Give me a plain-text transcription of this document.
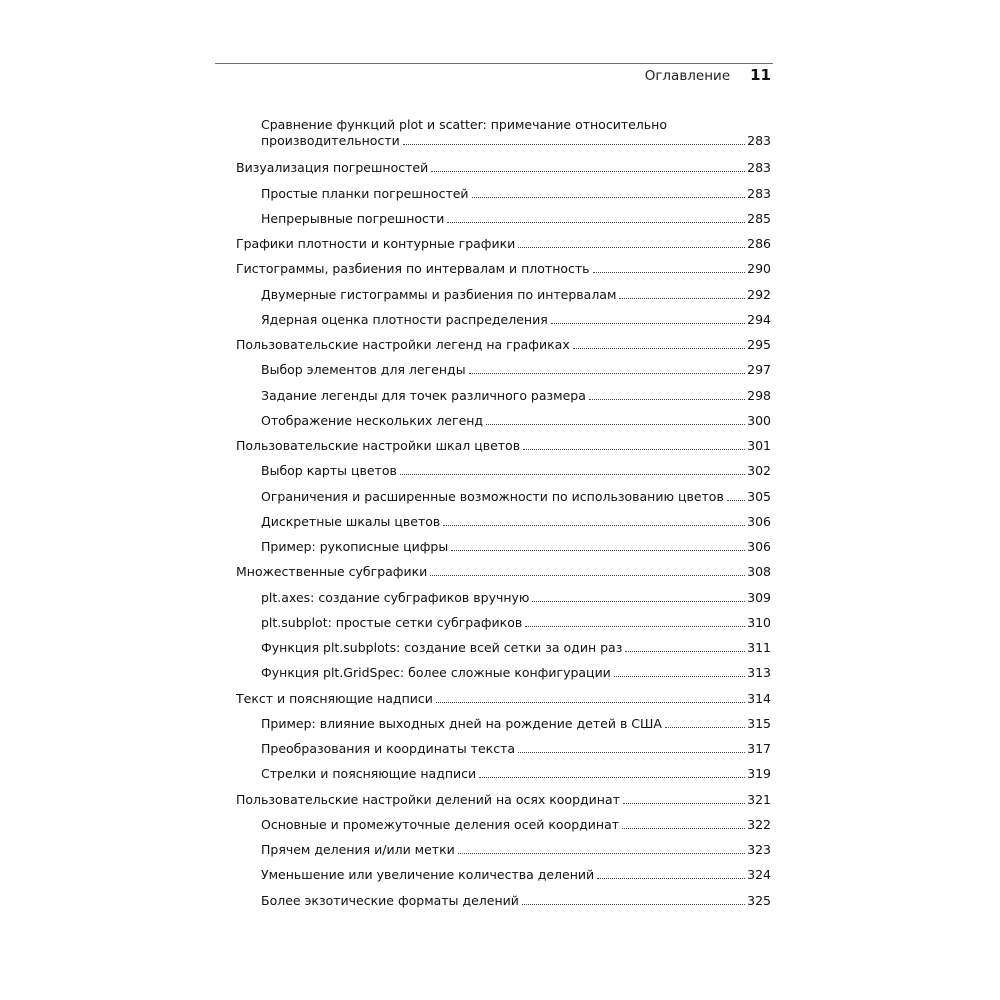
Оглавление 11
Сравнение функций plot и scatter: примечание относительно
производительности	283
Визуализация погрешностей	283
Простые планки погрешностей	283
Непрерывные погрешности	285
Графики плотности и контурные графики	286
Гистограммы, разбиения по интервалам и плотность	290
Двумерные гистограммы и разбиения по интервалам	292
Ядерная оценка плотности распределения	294
Пользовательские настройки легенд на графиках	295
Выбор элементов для легенды	297
Задание легенды для точек различного размера	298
Отображение нескольких легенд	300
Пользовательские настройки шкал цветов	301
Выбор карты цветов	302
Ограничения и расширенные возможности по использованию цветов 305
Дискретные шкалы цветов	306
Пример: рукописные цифры	306
Множественные субграфики	308
plt.axes: создание субграфиков вручную	309
plt.subplot: простые сетки субграфиков	310
Функция plt.subplots: создание всей сетки за один раз	311
Функция plt.GridSpec: более сложные конфигурации	313
Текст и поясняющие надписи	314
Пример: влияние выходных дней на рождение детей в США	315
Преобразования и координаты текста	317
Стрелки и поясняющие надписи	319
Пользовательские настройки делений на осях координат	321
Основные и промежуточные деления осей координат	322
Прячем деления и/или метки	323
Уменьшение или увеличение количества делений	324
Более экзотические форматы делений	325
